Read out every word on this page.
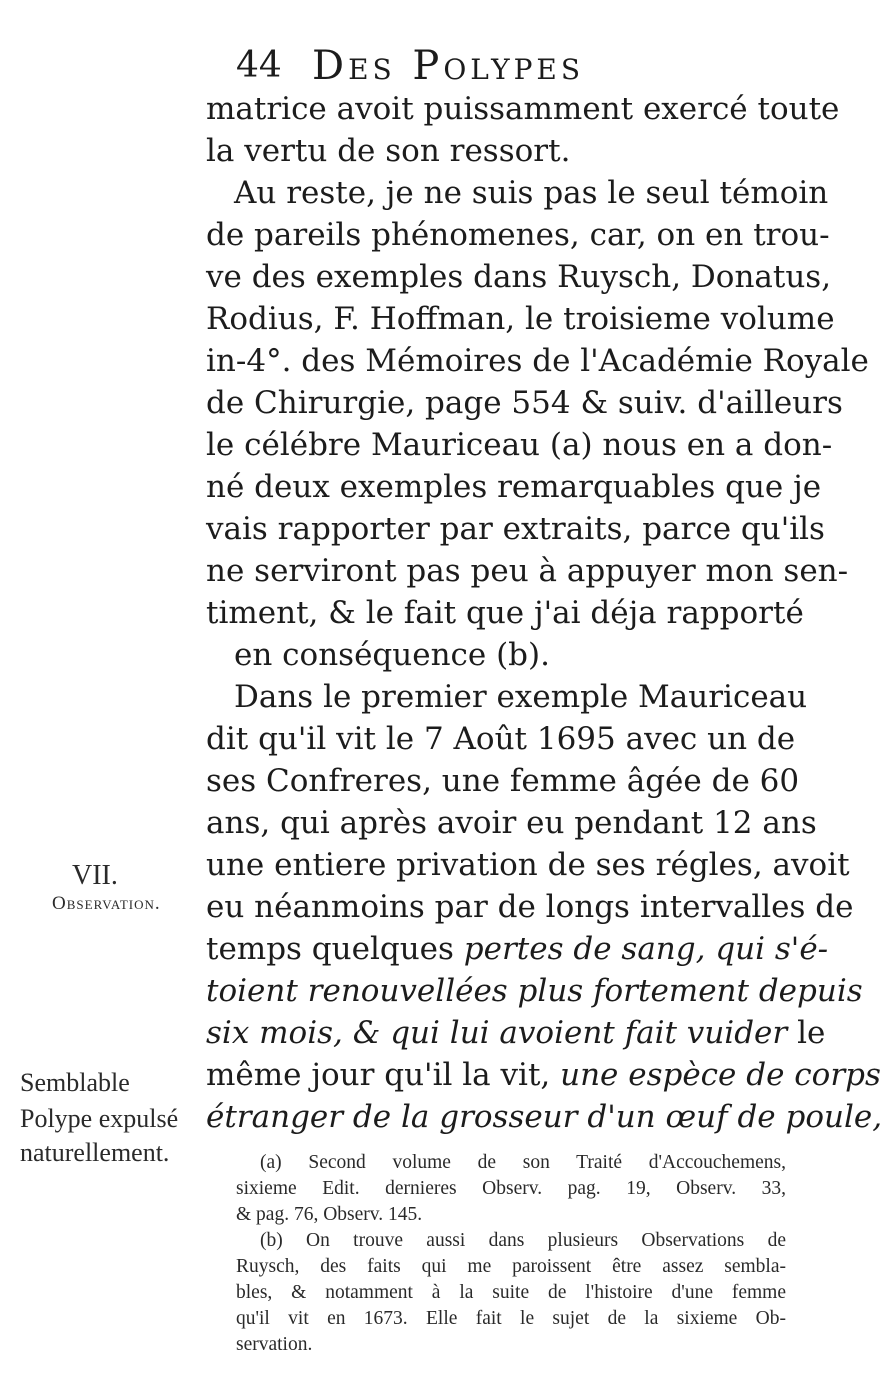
44 Des Polypes
matrice avoit puissamment exercé toute
la vertu de son ressort.
Au reste, je ne suis pas le seul témoin
de pareils phénomenes, car, on en trou-
ve des exemples dans Ruysch, Donatus,
Rodius, F. Hoffman, le troisieme volume
in-4°. des Mémoires de l'Académie Royale
de Chirurgie, page 554 & suiv. d'ailleurs
le célébre Mauriceau (a) nous en a don-
né deux exemples remarquables que je
vais rapporter par extraits, parce qu'ils
ne serviront pas peu à appuyer mon sen-
timent, & le fait que j'ai déja rapporté
en conséquence (b).
Dans le premier exemple Mauriceau
dit qu'il vit le 7 Août 1695 avec un de
ses Confreres, une femme âgée de 60
ans, qui après avoir eu pendant 12 ans
une entiere privation de ses régles, avoit
eu néanmoins par de longs intervalles de
temps quelques pertes de sang, qui s'é-
toient renouvellées plus fortement depuis
six mois, & qui lui avoient fait vuider le
même jour qu'il la vit, une espèce de corps
étranger de la grosseur d'un œuf de poule,
VII.
Observation.
Semblable
Polype expulsé
naturellement.	(a) Second volume de son Traité d'Accouchemens,
sixieme Edit. dernieres Observ. pag. 19, Observ. 33,
& pag. 76, Observ. 145.
(b) On trouve aussi dans plusieurs Observations de
Ruysch, des faits qui me paroissent être assez sembla-
bles, & notamment à la suite de l'histoire d'une femme
qu'il vit en 1673. Elle fait le sujet de la sixieme Ob-
servation.
